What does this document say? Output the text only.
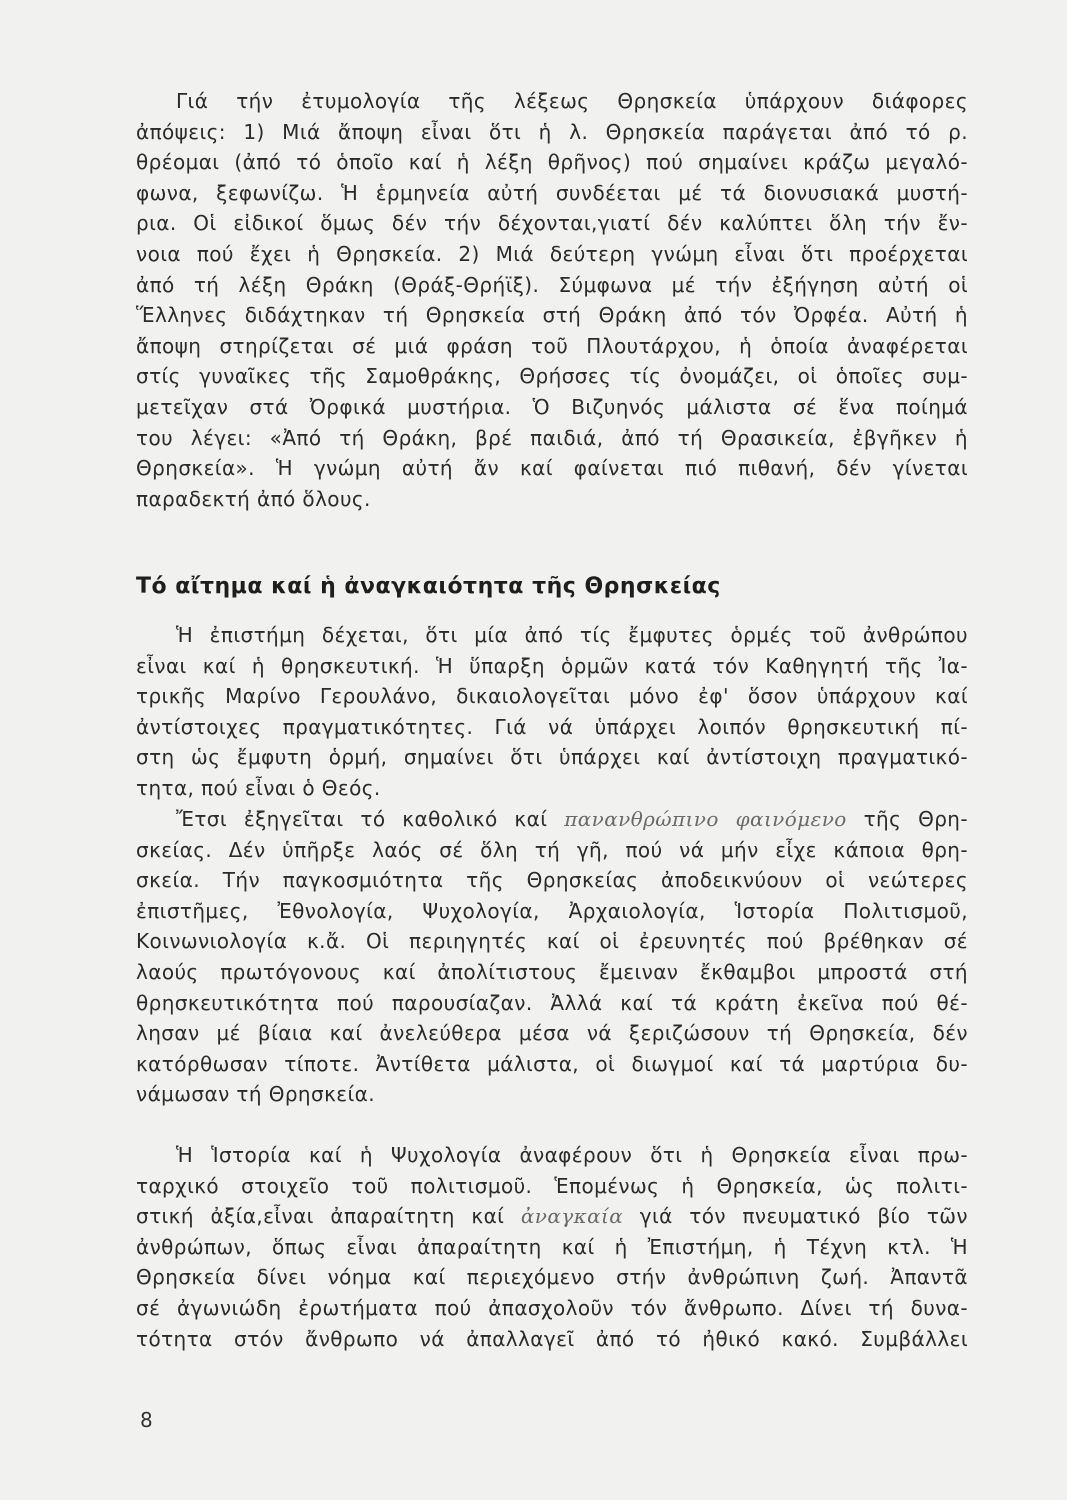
Γιά τήν ἐτυμολογία τῆς λέξεως Θρησκεία ὑπάρχουν διάφορες
ἀπόψεις: 1) Μιά ἄποψη εἶναι ὅτι ἡ λ. Θρησκεία παράγεται ἀπό τό ρ.
θρέομαι (ἀπό τό ὁποῖο καί ἡ λέξη θρῆνος) πού σημαίνει κράζω μεγαλό-
φωνα, ξεφωνίζω. Ἡ ἑρμηνεία αὐτή συνδέεται μέ τά διονυσιακά μυστή-
ρια. Οἱ εἰδικοί ὅμως δέν τήν δέχονται,γιατί δέν καλύπτει ὅλη τήν ἔν-
νοια πού ἔχει ἡ Θρησκεία. 2) Μιά δεύτερη γνώμη εἶναι ὅτι προέρχεται
ἀπό τή λέξη Θράκη (Θράξ-Θρήϊξ). Σύμφωνα μέ τήν ἐξήγηση αὐτή οἱ
Ἕλληνες διδάχτηκαν τή Θρησκεία στή Θράκη ἀπό τόν Ὀρφέα. Αὐτή ἡ
ἄποψη στηρίζεται σέ μιά φράση τοῦ Πλουτάρχου, ἡ ὁποία ἀναφέρεται
στίς γυναῖκες τῆς Σαμοθράκης, Θρήσσες τίς ὀνομάζει, οἱ ὁποῖες συμ-
μετεῖχαν στά Ὀρφικά μυστήρια. Ὁ Βιζυηνός μάλιστα σέ ἕνα ποίημά
του λέγει: «Ἀπό τή Θράκη, βρέ παιδιά, ἀπό τή Θρασικεία, ἐβγῆκεν ἡ
Θρησκεία». Ἡ γνώμη αὐτή ἄν καί φαίνεται πιό πιθανή, δέν γίνεται
παραδεκτή ἀπό ὅλους.
Τό αἴτημα καί ἡ ἀναγκαιότητα τῆς Θρησκείας
Ἡ ἐπιστήμη δέχεται, ὅτι μία ἀπό τίς ἔμφυτες ὁρμές τοῦ ἀνθρώπου
εἶναι καί ἡ θρησκευτική. Ἡ ὕπαρξη ὁρμῶν κατά τόν Καθηγητή τῆς Ἰα-
τρικῆς Μαρίνο Γερουλάνο, δικαιολογεῖται μόνο ἐφ' ὅσον ὑπάρχουν καί
ἀντίστοιχες πραγματικότητες. Γιά νά ὑπάρχει λοιπόν θρησκευτική πί-
στη ὡς ἔμφυτη ὁρμή, σημαίνει ὅτι ὑπάρχει καί ἀντίστοιχη πραγματικό-
τητα, πού εἶναι ὁ Θεός.
Ἔτσι ἐξηγεῖται τό καθολικό καί πανανθρώπινο φαινόμενο τῆς Θρη-
σκείας. Δέν ὑπῆρξε λαός σέ ὅλη τή γῆ, πού νά μήν εἶχε κάποια θρη-
σκεία. Τήν παγκοσμιότητα τῆς Θρησκείας ἀποδεικνύουν οἱ νεώτερες
ἐπιστῆμες, Ἐθνολογία, Ψυχολογία, Ἀρχαιολογία, Ἱστορία Πολιτισμοῦ,
Κοινωνιολογία κ.ἄ. Οἱ περιηγητές καί οἱ ἐρευνητές πού βρέθηκαν σέ
λαούς πρωτόγονους καί ἀπολίτιστους ἔμειναν ἔκθαμβοι μπροστά στή
θρησκευτικότητα πού παρουσίαζαν. Ἀλλά καί τά κράτη ἐκεῖνα πού θέ-
λησαν μέ βίαια καί ἀνελεύθερα μέσα νά ξεριζώσουν τή Θρησκεία, δέν
κατόρθωσαν τίποτε. Ἀντίθετα μάλιστα, οἱ διωγμοί καί τά μαρτύρια δυ-
νάμωσαν τή Θρησκεία.
Ἡ Ἱστορία καί ἡ Ψυχολογία ἀναφέρουν ὅτι ἡ Θρησκεία εἶναι πρω-
ταρχικό στοιχεῖο τοῦ πολιτισμοῦ. Ἑπομένως ἡ Θρησκεία, ὡς πολιτι-
στική ἀξία,εἶναι ἀπαραίτητη καί ἀναγκαία γιά τόν πνευματικό βίο τῶν
ἀνθρώπων, ὅπως εἶναι ἀπαραίτητη καί ἡ Ἐπιστήμη, ἡ Τέχνη κτλ. Ἡ
Θρησκεία δίνει νόημα καί περιεχόμενο στήν ἀνθρώπινη ζωή. Ἀπαντᾶ
σέ ἀγωνιώδη ἐρωτήματα πού ἀπασχολοῦν τόν ἄνθρωπο. Δίνει τή δυνα-
τότητα στόν ἄνθρωπο νά ἀπαλλαγεῖ ἀπό τό ἠθικό κακό. Συμβάλλει
8
